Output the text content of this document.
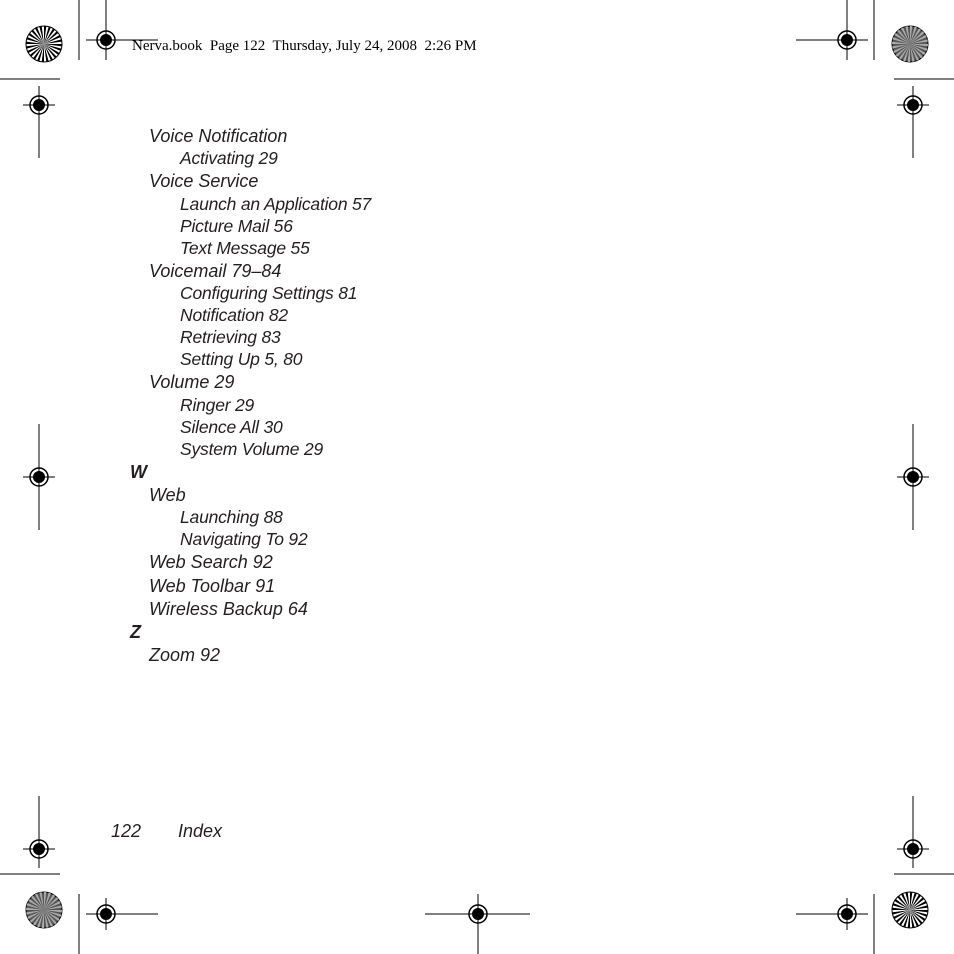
Nerva.book  Page 122  Thursday, July 24, 2008  2:26 PM
Voice Notification
Activating 29
Voice Service
Launch an Application 57
Picture Mail 56
Text Message 55
Voicemail 79–84
Configuring Settings 81
Notification 82
Retrieving 83
Setting Up 5, 80
Volume 29
Ringer 29
Silence All 30
System Volume 29
W
Web
Launching 88
Navigating To 92
Web Search 92
Web Toolbar 91
Wireless Backup 64
Z
Zoom 92
122 Index
